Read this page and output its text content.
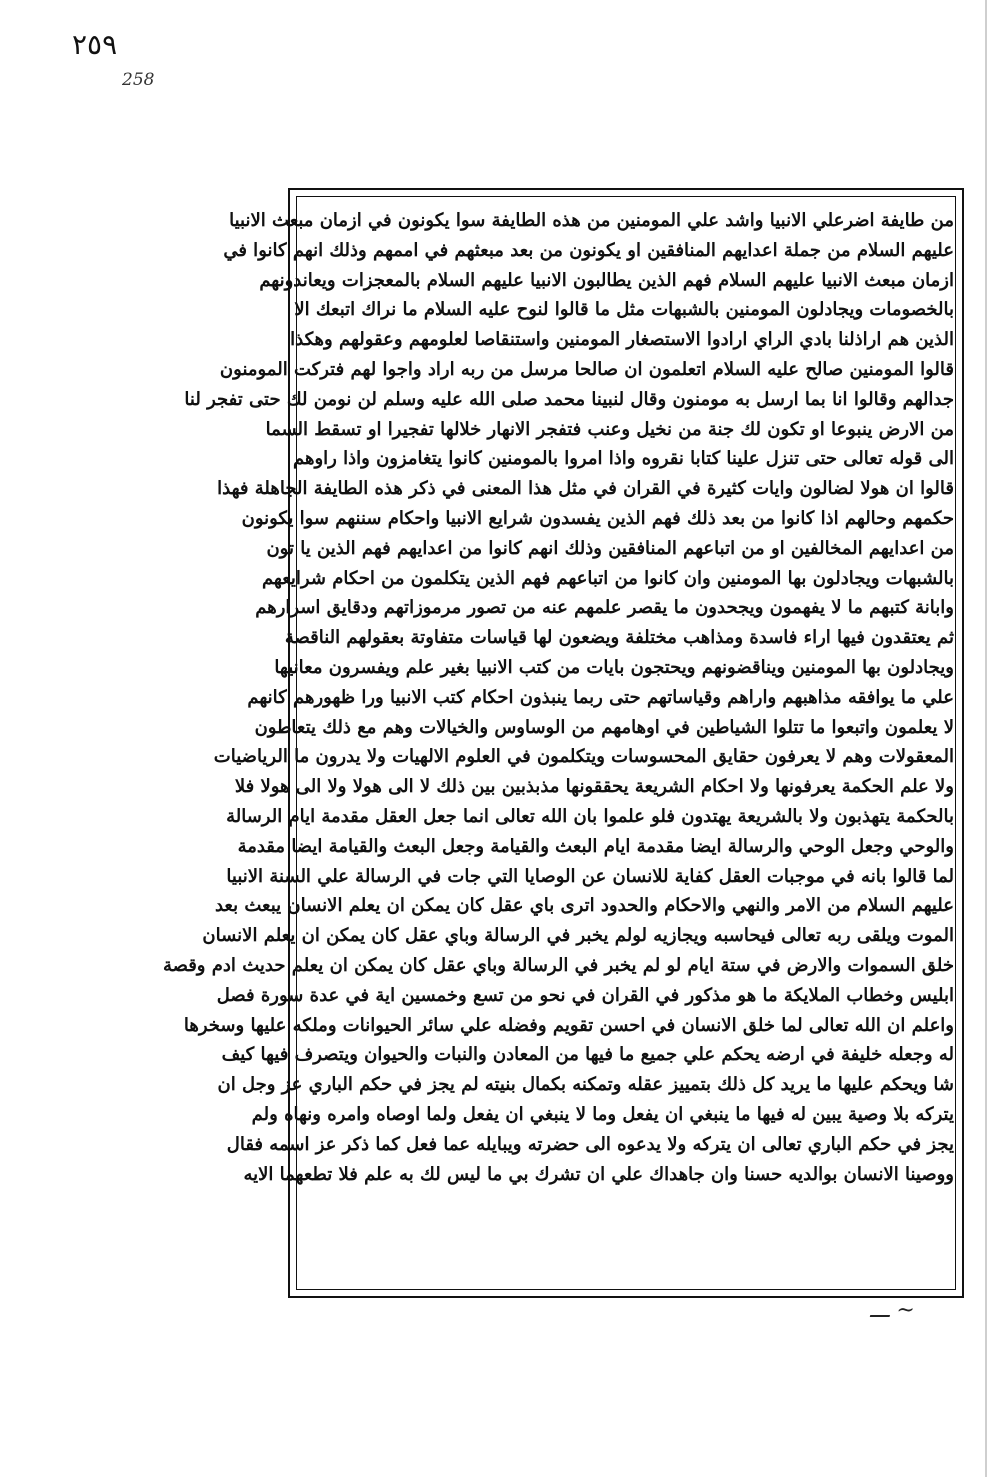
۲٥٩
258
من طايفة اضرعلي الانبيا واشد علي المومنين من هذه الطايفة سوا يكونون في ازمان مبعث الانبيا
عليهم السلام من جملة اعدايهم المنافقين او يكونون من بعد مبعثهم في اممهم وذلك انهم كانوا في
ازمان مبعث الانبيا عليهم السلام فهم الذين يطالبون الانبيا عليهم السلام بالمعجزات ويعاندونهم
بالخصومات ويجادلون المومنين بالشبهات مثل ما قالوا لنوح عليه السلام ما نراك اتبعك الا
الذين هم اراذلنا بادي الراي ارادوا الاستصغار المومنين واستنقاصا لعلومهم وعقولهم وهكذا
قالوا المومنين صالح عليه السلام اتعلمون ان صالحا مرسل من ربه اراد واجوا لهم فتركت المومنون
جدالهم وقالوا انا بما ارسل به مومنون وقال لنبينا محمد صلى الله عليه وسلم لن نومن لك حتى تفجر لنا
من الارض ينبوعا او تكون لك جنة من نخيل وعنب فتفجر الانهار خلالها تفجيرا او تسقط السما
الى قوله تعالى حتى تنزل علينا كتابا نقروه واذا امروا بالمومنين كانوا يتغامزون واذا راوهم
قالوا ان هولا لضالون وايات كثيرة في القران في مثل هذا المعنى في ذكر هذه الطايفة الجاهلة فهذا
حكمهم وحالهم اذا كانوا من بعد ذلك فهم الذين يفسدون شرايع الانبيا واحكام سننهم سوا يكونون
من اعدايهم المخالفين او من اتباعهم المنافقين وذلك انهم كانوا من اعدايهم فهم الذين يا تون
بالشبهات ويجادلون بها المومنين وان كانوا من اتباعهم فهم الذين يتكلمون من احكام شرايعهم
وابانة كتبهم ما لا يفهمون ويجحدون ما يقصر علمهم عنه من تصور مرموزاتهم ودقايق اسرارهم
ثم يعتقدون فيها اراء فاسدة ومذاهب مختلفة ويضعون لها قياسات متفاوتة بعقولهم الناقصة
ويجادلون بها المومنين ويناقضونهم ويحتجون بايات من كتب الانبيا بغير علم ويفسرون معانيها
علي ما يوافقه مذاهبهم واراهم وقياساتهم حتى ربما ينبذون احكام كتب الانبيا ورا ظهورهم كانهم
لا يعلمون واتبعوا ما تتلوا الشياطين في اوهامهم من الوساوس والخيالات وهم مع ذلك يتعاطون
المعقولات وهم لا يعرفون حقايق المحسوسات ويتكلمون في العلوم الالهيات ولا يدرون ما الرياضيات
ولا علم الحكمة يعرفونها ولا احكام الشريعة يحققونها مذبذبين بين ذلك لا الى هولا ولا الى هولا فلا
بالحكمة يتهذبون ولا بالشريعة يهتدون فلو علموا بان الله تعالى انما جعل العقل مقدمة ايام الرسالة
والوحي وجعل الوحي والرسالة ايضا مقدمة ايام البعث والقيامة وجعل البعث والقيامة ايضا مقدمة
لما قالوا بانه في موجبات العقل كفاية للانسان عن الوصايا التي جات في الرسالة علي السنة الانبيا
عليهم السلام من الامر والنهي والاحكام والحدود اترى باي عقل كان يمكن ان يعلم الانسان يبعث بعد
الموت ويلقى ربه تعالى فيحاسبه ويجازيه لولم يخبر في الرسالة وباي عقل كان يمكن ان يعلم الانسان
خلق السموات والارض في ستة ايام لو لم يخبر في الرسالة وباي عقل كان يمكن ان يعلم حديث ادم وقصة
ابليس وخطاب الملايكة ما هو مذكور في القران في نحو من تسع وخمسين اية في عدة سورة فصل
واعلم ان الله تعالى لما خلق الانسان في احسن تقويم وفضله علي سائر الحيوانات وملكه عليها وسخرها
له وجعله خليفة في ارضه يحكم علي جميع ما فيها من المعادن والنبات والحيوان ويتصرف فيها كيف
شا ويحكم عليها ما يريد كل ذلك بتمييز عقله وتمكنه بكمال بنيته لم يجز في حكم الباري عز وجل ان
يتركه بلا وصية يبين له فيها ما ينبغي ان يفعل وما لا ينبغي ان يفعل ولما اوصاه وامره ونهاه ولم
يجز في حكم الباري تعالى ان يتركه ولا يدعوه الى حضرته ويبايله عما فعل كما ذكر عز اسمه فقال
ووصينا الانسان بوالديه حسنا وان جاهداك علي ان تشرك بي ما ليس لك به علم فلا تطعهما الايه
ـــ ~
